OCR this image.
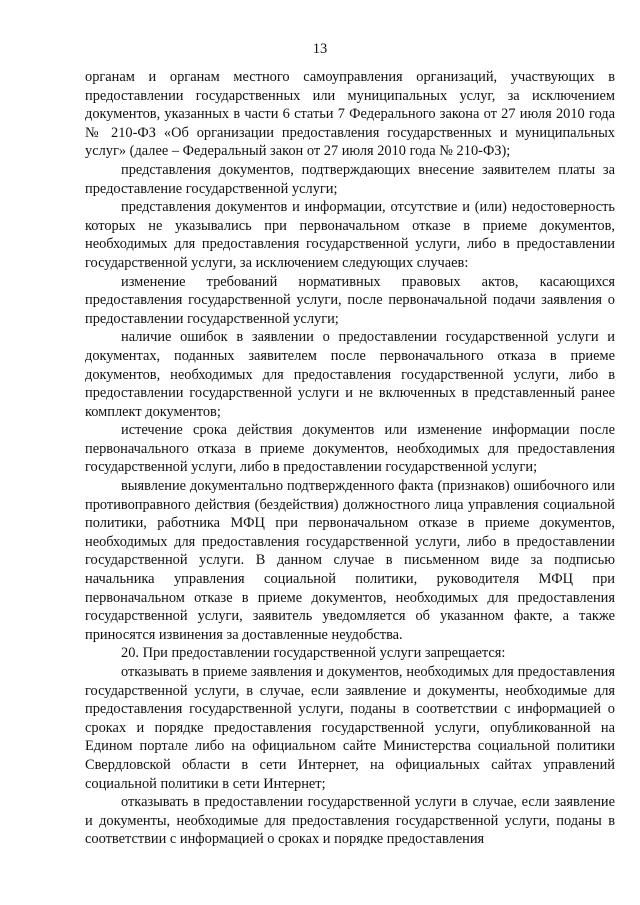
13

органам и органам местного самоуправления организаций, участвующих в предоставлении государственных или муниципальных услуг, за исключением документов, указанных в части 6 статьи 7 Федерального закона от 27 июля 2010 года № 210-ФЗ «Об организации предоставления государственных и муниципальных услуг» (далее – Федеральный закон от 27 июля 2010 года № 210-ФЗ);

представления документов, подтверждающих внесение заявителем платы за предоставление государственной услуги;

представления документов и информации, отсутствие и (или) недостоверность которых не указывались при первоначальном отказе в приеме документов, необходимых для предоставления государственной услуги, либо в предоставлении государственной услуги, за исключением следующих случаев:

изменение требований нормативных правовых актов, касающихся предоставления государственной услуги, после первоначальной подачи заявления о предоставлении государственной услуги;

наличие ошибок в заявлении о предоставлении государственной услуги и документах, поданных заявителем после первоначального отказа в приеме документов, необходимых для предоставления государственной услуги, либо в предоставлении государственной услуги и не включенных в представленный ранее комплект документов;

истечение срока действия документов или изменение информации после первоначального отказа в приеме документов, необходимых для предоставления государственной услуги, либо в предоставлении государственной услуги;

выявление документально подтвержденного факта (признаков) ошибочного или противоправного действия (бездействия) должностного лица управления социальной политики, работника МФЦ при первоначальном отказе в приеме документов, необходимых для предоставления государственной услуги, либо в предоставлении государственной услуги. В данном случае в письменном виде за подписью начальника управления социальной политики, руководителя МФЦ при первоначальном отказе в приеме документов, необходимых для предоставления государственной услуги, заявитель уведомляется об указанном факте, а также приносятся извинения за доставленные неудобства.

20. При предоставлении государственной услуги запрещается:

отказывать в приеме заявления и документов, необходимых для предоставления государственной услуги, в случае, если заявление и документы, необходимые для предоставления государственной услуги, поданы в соответствии с информацией о сроках и порядке предоставления государственной услуги, опубликованной на Едином портале либо на официальном сайте Министерства социальной политики Свердловской области в сети Интернет, на официальных сайтах управлений социальной политики в сети Интернет;

отказывать в предоставлении государственной услуги в случае, если заявление и документы, необходимые для предоставления государственной услуги, поданы в соответствии с информацией о сроках и порядке предоставления
